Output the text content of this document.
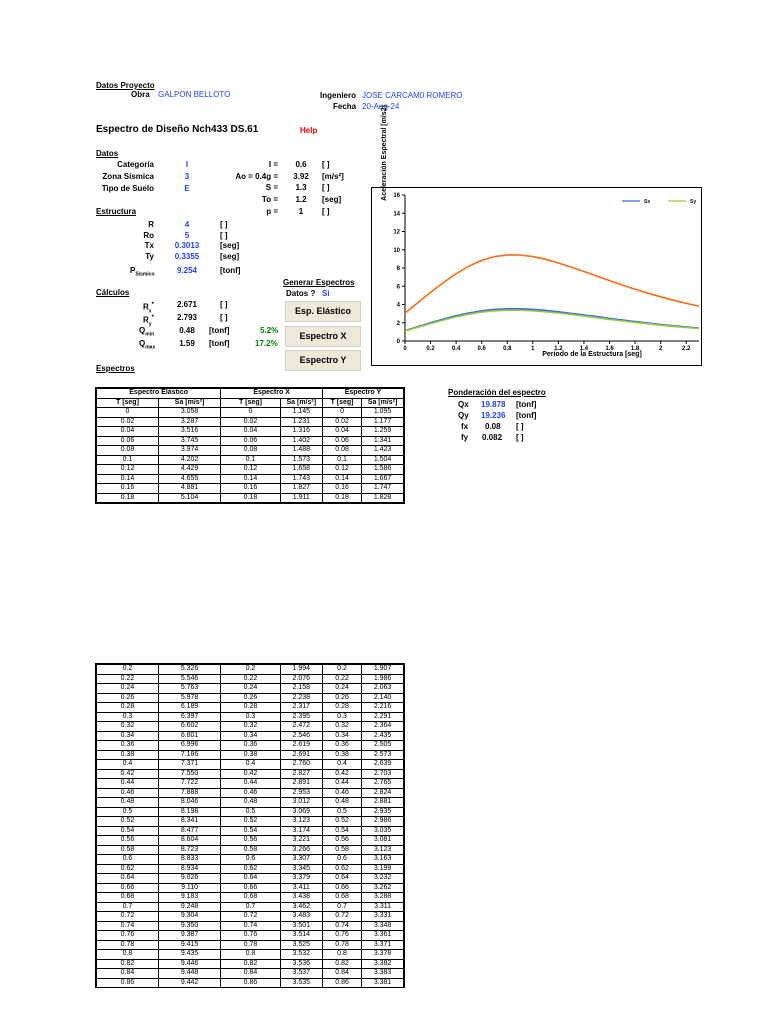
Datos Proyecto
Obra GALPON BELLOTO	Ingeniero JOSE CARCAM0 ROMERO
Fecha 20-Aug-24
Espectro de Diseño Nch433 DS.61	Help
Datos
Categoría	I
Zona Sísmica	3
Tipo de Suelo	E
I =	0.6	[ ]
Ao = 0.4g =	3.92	[m/s²]
S =	1.3	[ ]
To =	1.2	[seg]
p =	1	[ ]
Estructura
R	4	[ ]
Ro	5	[ ]
Tx	0.3013	[seg]
Ty	0.3355	[seg]
$P_{Sísmico}$	9.254	[tonf]
Generar Espectros
Datos ? Si
Cálculos
$R_x^*$	2.671	[ ]
$R_y^*$	2.793	[ ]
$Q_{min}$	0.48	[tonf]	5.2%
$Q_{max}$	1.59	[tonf]	17.2%
Esp. Elástico
Espectro X
Espectro Y
Espectros
0
2
4
6
8
10
12
14
16
0	0.2	0.4	0.6	0.8	1	1.2	1.4	1.6	1.8	2	2.2
Período de la Estructura [seg]
Sx	Sy
Aceleración Espectral [m/s2]
Ponderación del espectro
Qx 19.878 [tonf]
Qy 19.236 [tonf]
fx 0.08 [ ]
fy 0.082 [ ]
Espectro Elástico		Espectro X		Espectro Y	
T [seg]	Sa [m/s²]	T [seg]	Sa [m/s²]	T [seg]	Sa [m/s²]
0	3.058	0	1.145	0	1.095
0.02	3.287	0.02	1.231	0.02	1.177
0.04	3.516	0.04	1.316	0.04	1.259
0.06	3.745	0.06	1.402	0.06	1.341
0.08	3.974	0.08	1.488	0.08	1.423
0.1	4.202	0.1	1.573	0.1	1.504
0.12	4.429	0.12	1.658	0.12	1.586
0.14	4.655	0.14	1.743	0.14	1.667
0.16	4.881	0.16	1.827	0.16	1.747
0.18	5.104	0.18	1.911	0.18	1.828
0.2	5.326	0.2	1.994	0.2	1.907
0.22	5.546	0.22	2.076	0.22	1.986
0.24	5.763	0.24	2.158	0.24	2.063
0.26	5.978	0.26	2.238	0.26	2.140
0.28	6.189	0.28	2.317	0.28	2.216
0.3	6.397	0.3	2.395	0.3	2.291
0.32	6.602	0.32	2.472	0.32	2.364
0.34	6.801	0.34	2.546	0.34	2.435
0.36	6.996	0.36	2.619	0.36	2.505
0.38	7.186	0.38	2.691	0.38	2.573
0.4	7.371	0.4	2.760	0.4	2.639
0.42	7.550	0.42	2.827	0.42	2.703
0.44	7.722	0.44	2.891	0.44	2.765
0.46	7.888	0.46	2.953	0.46	2.824
0.48	8.046	0.48	3.012	0.48	2.881
0.5	8.198	0.5	3.069	0.5	2.935
0.52	8.341	0.52	3.123	0.52	2.986
0.54	8.477	0.54	3.174	0.54	3.035
0.56	8.604	0.56	3.221	0.56	3.081
0.58	8.723	0.58	3.266	0.58	3.123
0.6	8.833	0.6	3.307	0.6	3.163
0.62	8.934	0.62	3.345	0.62	3.199
0.64	9.026	0.64	3.379	0.64	3.232
0.66	9.110	0.66	3.411	0.66	3.262
0.68	9.183	0.68	3.438	0.68	3.288
0.7	9.248	0.7	3.462	0.7	3.311
0.72	9.304	0.72	3.483	0.72	3.331
0.74	9.350	0.74	3.501	0.74	3.348
0.76	9.387	0.76	3.514	0.76	3.361
0.78	9.415	0.78	3.525	0.78	3.371
0.8	9.435	0.8	3.532	0.8	3.378
0.82	9.446	0.82	3.536	0.82	3.382
0.84	9.448	0.84	3.537	0.84	3.383
0.86	9.442	0.86	3.535	0.86	3.381
